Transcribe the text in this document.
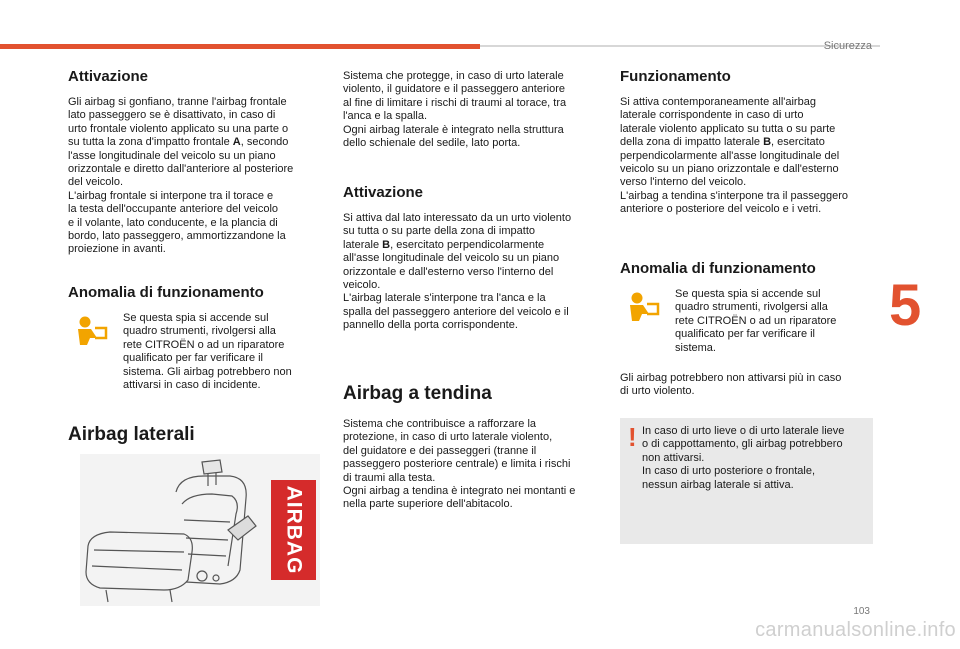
Sicurezza
5
Attivazione

Gli airbag si gonfiano, tranne l'airbag frontale
lato passeggero se è disattivato, in caso di
urto frontale violento applicato su una parte o
su tutta la zona d'impatto frontale A, secondo
l'asse longitudinale del veicolo su un piano
orizzontale e diretto dall'anteriore al posteriore
del veicolo.
L'airbag frontale si interpone tra il torace e
la testa dell'occupante anteriore del veicolo
e il volante, lato conducente, e la plancia di
bordo, lato passeggero, ammortizzandone la
proiezione in avanti.

Anomalia di funzionamento

Se questa spia si accende sul
quadro strumenti, rivolgersi alla
rete CITROËN o ad un riparatore
qualificato per far verificare il
sistema. Gli airbag potrebbero non
attivarsi in caso di incidente.

Airbag laterali
AIRBAG

Sistema che protegge, in caso di urto laterale
violento, il guidatore e il passeggero anteriore
al fine di limitare i rischi di traumi al torace, tra
l'anca e la spalla.
Ogni airbag laterale è integrato nella struttura
dello schienale del sedile, lato porta.

Attivazione

Si attiva dal lato interessato da un urto violento
su tutta o su parte della zona di impatto
laterale B, esercitato perpendicolarmente
all'asse longitudinale del veicolo su un piano
orizzontale e dall'esterno verso l'interno del
veicolo.
L'airbag laterale s'interpone tra l'anca e la
spalla del passeggero anteriore del veicolo e il
pannello della porta corrispondente.

Airbag a tendina

Sistema che contribuisce a rafforzare la
protezione, in caso di urto laterale violento,
del guidatore e dei passeggeri (tranne il
passeggero posteriore centrale) e limita i rischi
di traumi alla testa.
Ogni airbag a tendina è integrato nei montanti e
nella parte superiore dell'abitacolo.

Funzionamento

Si attiva contemporaneamente all'airbag
laterale corrispondente in caso di urto
laterale violento applicato su tutta o su parte
della zona di impatto laterale B, esercitato
perpendicolarmente all'asse longitudinale del
veicolo su un piano orizzontale e dall'esterno
verso l'interno del veicolo.
L'airbag a tendina s'interpone tra il passeggero
anteriore o posteriore del veicolo e i vetri.

Anomalia di funzionamento

Se questa spia si accende sul
quadro strumenti, rivolgersi alla
rete CITROËN o ad un riparatore
qualificato per far verificare il
sistema.

Gli airbag potrebbero non attivarsi più in caso
di urto violento.

! In caso di urto lieve o di urto laterale lieve
o di cappottamento, gli airbag potrebbero
non attivarsi.
In caso di urto posteriore o frontale,
nessun airbag laterale si attiva.

103
carmanualsonline.info
